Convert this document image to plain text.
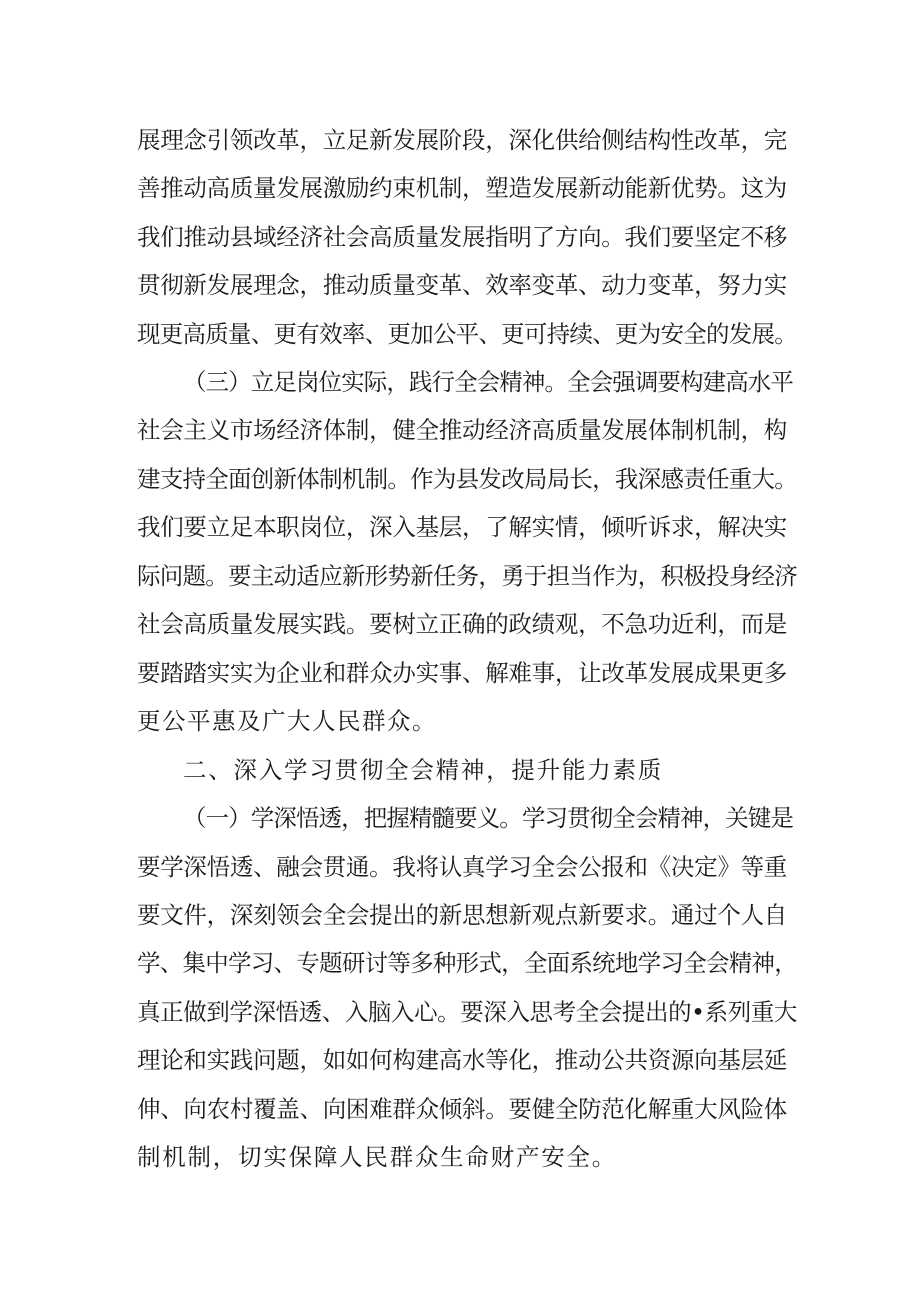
展理念引领改革，立足新发展阶段，深化供给侧结构性改革，完
善推动高质量发展激励约束机制，塑造发展新动能新优势。这为
我们推动县域经济社会高质量发展指明了方向。我们要坚定不移
贯彻新发展理念，推动质量变革、效率变革、动力变革，努力实
现更高质量、更有效率、更加公平、更可持续、更为安全的发展。
（三）立足岗位实际，践行全会精神。全会强调要构建高水平
社会主义市场经济体制，健全推动经济高质量发展体制机制，构
建支持全面创新体制机制。作为县发改局局长，我深感责任重大。
我们要立足本职岗位，深入基层，了解实情，倾听诉求，解决实
际问题。要主动适应新形势新任务，勇于担当作为，积极投身经济
社会高质量发展实践。要树立正确的政绩观，不急功近利，而是
要踏踏实实为企业和群众办实事、解难事，让改革发展成果更多
更公平惠及广大人民群众。
二、深入学习贯彻全会精神，提升能力素质
（一）学深悟透，把握精髓要义。学习贯彻全会精神，关键是
要学深悟透、融会贯通。我将认真学习全会公报和《决定》等重
要文件，深刻领会全会提出的新思想新观点新要求。通过个人自
学、集中学习、专题研讨等多种形式，全面系统地学习全会精神，
真正做到学深悟透、入脑入心。要深入思考全会提出的•系列重大
理论和实践问题，如如何构建高水等化，推动公共资源向基层延
伸、向农村覆盖、向困难群众倾斜。要健全防范化解重大风险体
制机制，切实保障人民群众生命财产安全。
